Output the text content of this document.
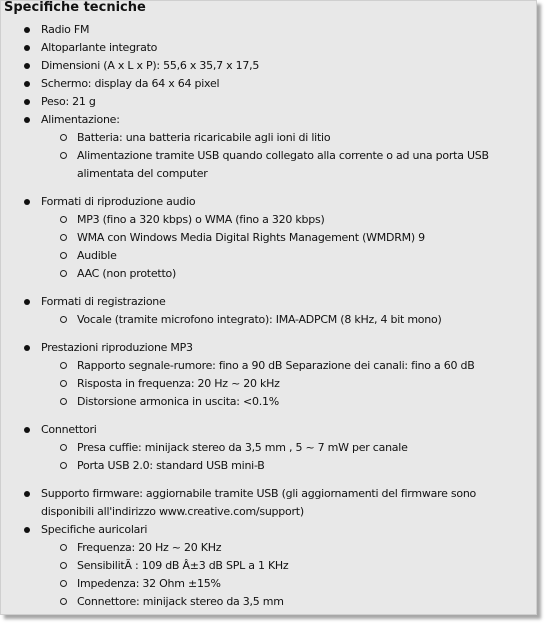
Specifiche tecniche
Radio FM
Altoparlante integrato
Dimensioni (A x L x P): 55,6 x 35,7 x 17,5
Schermo: display da 64 x 64 pixel
Peso: 21 g
Alimentazione:
Batteria: una batteria ricaricabile agli ioni di litio
Alimentazione tramite USB quando collegato alla corrente o ad una porta USB alimentata del computer
Formati di riproduzione audio
MP3 (fino a 320 kbps) o WMA (fino a 320 kbps)
WMA con Windows Media Digital Rights Management (WMDRM) 9
Audible
AAC (non protetto)
Formati di registrazione
Vocale (tramite microfono integrato): IMA-ADPCM (8 kHz, 4 bit mono)
Prestazioni riproduzione MP3
Rapporto segnale-rumore: fino a 90 dB Separazione dei canali: fino a 60 dB
Risposta in frequenza: 20 Hz ~ 20 kHz
Distorsione armonica in uscita: <0.1%
Connettori
Presa cuffie: minijack stereo da 3,5 mm , 5 ~ 7 mW per canale
Porta USB 2.0: standard USB mini-B
Supporto firmware: aggiornabile tramite USB (gli aggiornamenti del firmware sono disponibili all'indirizzo www.creative.com/support)
Specifiche auricolari
Frequenza: 20 Hz ~ 20 KHz
SensibilitÃ : 109 dB Â±3 dB SPL a 1 KHz
Impedenza: 32 Ohm ±15%
Connettore: minijack stereo da 3,5 mm
